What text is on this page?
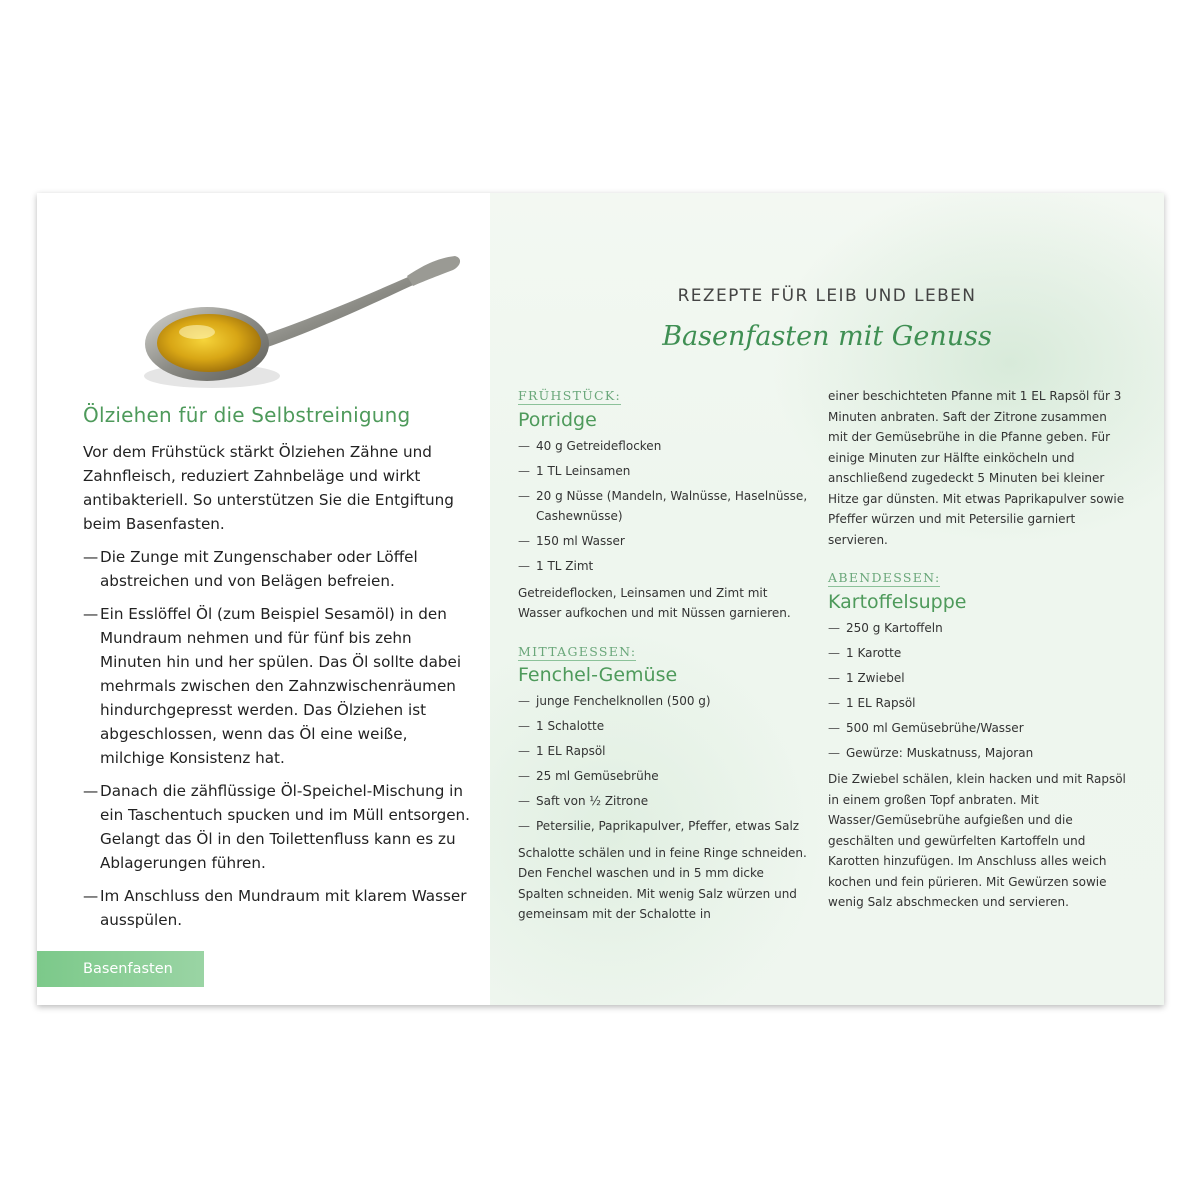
Ölziehen für die Selbstreinigung

Vor dem Frühstück stärkt Ölziehen Zähne und Zahnfleisch, reduziert Zahnbeläge und wirkt antibakteriell. So unterstützen Sie die Entgiftung beim Basenfasten.

— Die Zunge mit Zungenschaber oder Löffel abstreichen und von Belägen befreien.
— Ein Esslöffel Öl (zum Beispiel Sesamöl) in den Mundraum nehmen und für fünf bis zehn Minuten hin und her spülen. Das Öl sollte dabei mehrmals zwischen den Zahnzwischenräumen hindurchgepresst werden. Das Ölziehen ist abgeschlossen, wenn das Öl eine weiße, milchige Konsistenz hat.
— Danach die zähflüssige Öl-Speichel-Mischung in ein Taschentuch spucken und im Müll entsorgen. Gelangt das Öl in den Toilettenfluss kann es zu Ablagerungen führen.
— Im Anschluss den Mundraum mit klarem Wasser ausspülen.
Basenfasten
REZEPTE FÜR LEIB UND LEBEN
Basenfasten mit Genuss
FRÜHSTÜCK:
Porridge
— 40 g Getreideflocken
— 1 TL Leinsamen
— 20 g Nüsse (Mandeln, Walnüsse, Haselnüsse, Cashewnüsse)
— 150 ml Wasser
— 1 TL Zimt

Getreideflocken, Leinsamen und Zimt mit Wasser aufkochen und mit Nüssen garnieren.

MITTAGESSEN:
Fenchel-Gemüse
— junge Fenchelknollen (500 g)
— 1 Schalotte
— 1 EL Rapsöl
— 25 ml Gemüsebrühe
— Saft von ½ Zitrone
— Petersilie, Paprikapulver, Pfeffer, etwas Salz

Schalotte schälen und in feine Ringe schneiden. Den Fenchel waschen und in 5 mm dicke Spalten schneiden. Mit wenig Salz würzen und gemeinsam mit der Schalotte in

einer beschichteten Pfanne mit 1 EL Rapsöl für 3 Minuten anbraten. Saft der Zitrone zusammen mit der Gemüsebrühe in die Pfanne geben. Für einige Minuten zur Hälfte einköcheln und anschließend zugedeckt 5 Minuten bei kleiner Hitze gar dünsten. Mit etwas Paprikapulver sowie Pfeffer würzen und mit Petersilie garniert servieren.

ABENDESSEN:
Kartoffelsuppe
— 250 g Kartoffeln
— 1 Karotte
— 1 Zwiebel
— 1 EL Rapsöl
— 500 ml Gemüsebrühe/Wasser
— Gewürze: Muskatnuss, Majoran

Die Zwiebel schälen, klein hacken und mit Rapsöl in einem großen Topf anbraten. Mit Wasser/Gemüsebrühe aufgießen und die geschälten und gewürfelten Kartoffeln und Karotten hinzufügen. Im Anschluss alles weich kochen und fein pürieren. Mit Gewürzen sowie wenig Salz abschmecken und servieren.
